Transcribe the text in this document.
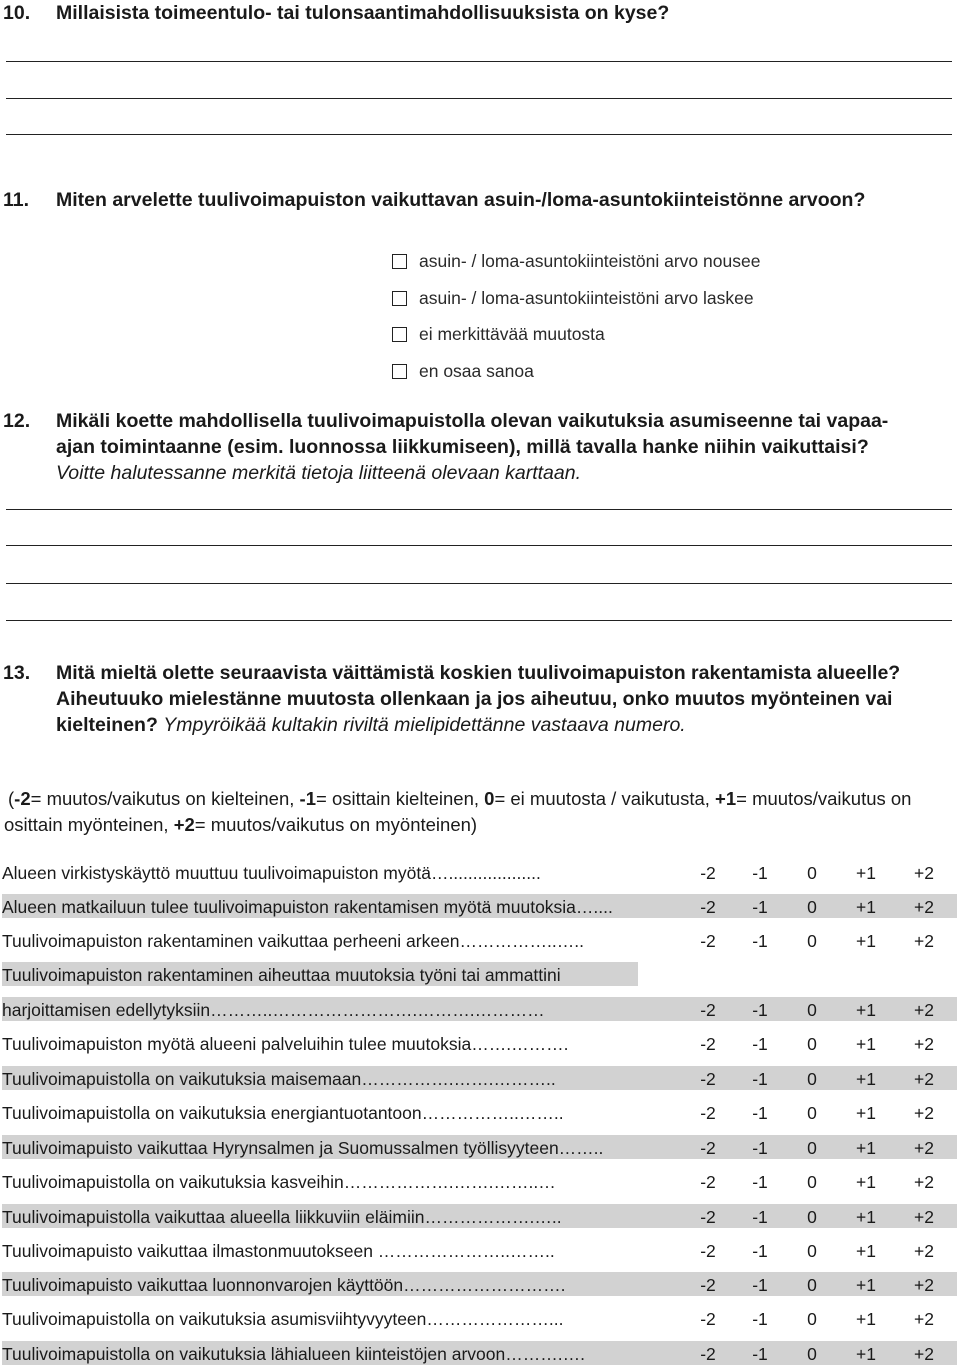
10. Millaisista toimeentulo- tai tulonsaantimahdollisuuksista on kyse?
11. Miten arvelette tuulivoimapuiston vaikuttavan asuin-/loma-asuntokiinteistönne arvoon?
asuin- / loma-asuntokiinteistöni arvo nousee
asuin- / loma-asuntokiinteistöni arvo laskee
ei merkittävää muutosta
en osaa sanoa
12. Mikäli koette mahdollisella tuulivoimapuistolla olevan vaikutuksia asumiseenne tai vapaa-ajan toimintaanne (esim. luonnossa liikkumiseen), millä tavalla hanke niihin vaikuttaisi? Voitte halutessanne merkitä tietoja liitteenä olevaan karttaan.
13. Mitä mieltä olette seuraavista väittämistä koskien tuulivoimapuiston rakentamista alueelle? Aiheutuuko mielestänne muutosta ollenkaan ja jos aiheutuu, onko muutos myönteinen vai kielteinen? Ympyröikää kultakin riviltä mielipidettänne vastaava numero.
(-2= muutos/vaikutus on kielteinen, -1= osittain kielteinen, 0= ei muutosta / vaikutusta, +1= muutos/vaikutus on osittain myönteinen, +2= muutos/vaikutus on myönteinen)
Alueen virkistyskäyttö muuttuu tuulivoimapuiston myötä…...................	-2	-1	0	+1	+2
Alueen matkailuun tulee tuulivoimapuiston rakentamisen myötä muutoksia…....	-2	-1	0	+1	+2
Tuulivoimapuiston rakentaminen vaikuttaa perheeni arkeen……………..…..	-2	-1	0	+1	+2
Tuulivoimapuiston rakentaminen aiheuttaa muutoksia työni tai ammattini
harjoittamisen edellytyksiin………..…………………….……….…………	-2	-1	0	+1	+2
Tuulivoimapuiston myötä alueeni palveluihin tulee muutoksia…….……….	-2	-1	0	+1	+2
Tuulivoimapuistolla on vaikutuksia maisemaan…………….…….………..	-2	-1	0	+1	+2
Tuulivoimapuistolla on vaikutuksia energiantuotantoon……………..……..	-2	-1	0	+1	+2
Tuulivoimapuisto vaikuttaa Hyrynsalmen ja Suomussalmen työllisyyteen……..	-2	-1	0	+1	+2
Tuulivoimapuistolla on vaikutuksia kasveihin……………….…….……..…	-2	-1	0	+1	+2
Tuulivoimapuistolla vaikuttaa alueella liikkuviin eläimiin……………….…..	-2	-1	0	+1	+2
Tuulivoimapuisto vaikuttaa ilmastonmuutokseen …………………..……..	-2	-1	0	+1	+2
Tuulivoimapuisto vaikuttaa luonnonvarojen käyttöön……………………….	-2	-1	0	+1	+2
Tuulivoimapuistolla on vaikutuksia asumisviihtyvyyteen…………………...	-2	-1	0	+1	+2
Tuulivoimapuistolla on vaikutuksia lähialueen kiinteistöjen arvoon……….….	-2	-1	0	+1	+2
